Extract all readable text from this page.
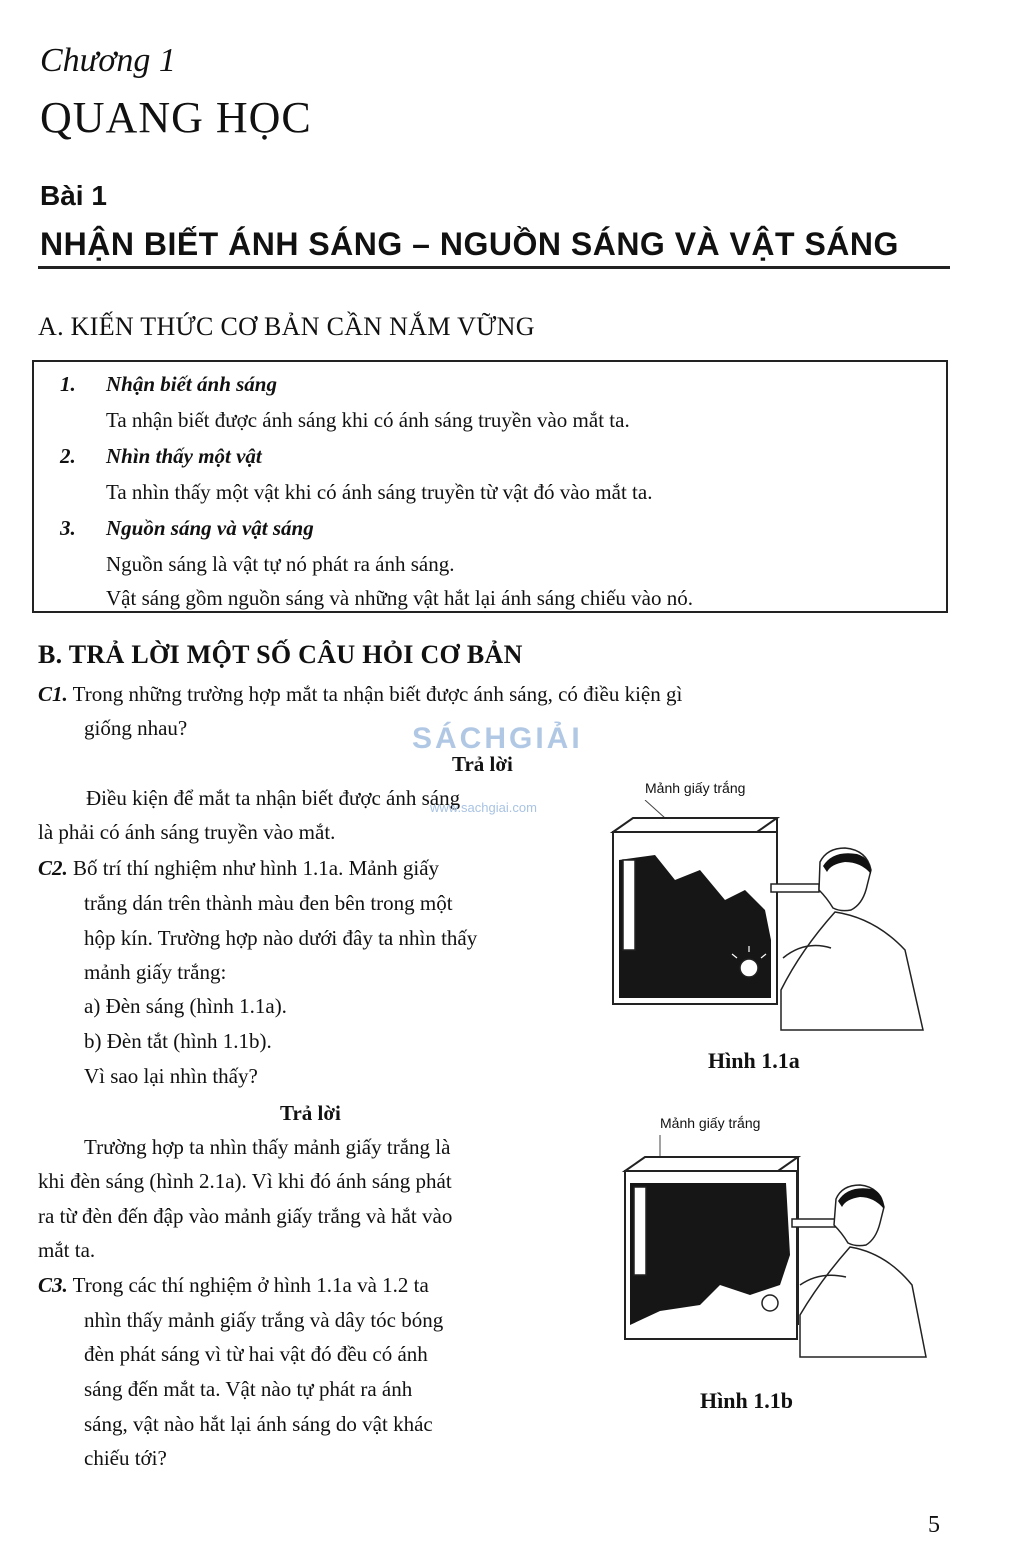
Chương 1
QUANG HỌC
Bài 1
NHẬN BIẾT ÁNH SÁNG – NGUỒN SÁNG VÀ VẬT SÁNG
A. KIẾN THỨC CƠ BẢN CẦN NẮM VỮNG
1. Nhận biết ánh sáng
Ta nhận biết được ánh sáng khi có ánh sáng truyền vào mắt ta.
2. Nhìn thấy một vật
Ta nhìn thấy một vật khi có ánh sáng truyền từ vật đó vào mắt ta.
3. Nguồn sáng và vật sáng
Nguồn sáng là vật tự nó phát ra ánh sáng.
Vật sáng gồm nguồn sáng và những vật hắt lại ánh sáng chiếu vào nó.
B. TRẢ LỜI MỘT SỐ CÂU HỎI CƠ BẢN
C1. Trong những trường hợp mắt ta nhận biết được ánh sáng, có điều kiện gì
giống nhau?
Trả lời
Điều kiện để mắt ta nhận biết được ánh sáng
là phải có ánh sáng truyền vào mắt.
C2. Bố trí thí nghiệm như hình 1.1a. Mảnh giấy
trắng dán trên thành màu đen bên trong một
hộp kín. Trường hợp nào dưới đây ta nhìn thấy
mảnh giấy trắng:
a) Đèn sáng (hình 1.1a).
b) Đèn tắt (hình 1.1b).
Vì sao lại nhìn thấy?
Trả lời
Trường hợp ta nhìn thấy mảnh giấy trắng là
khi đèn sáng (hình 2.1a). Vì khi đó ánh sáng phát
ra từ đèn đến đập vào mảnh giấy trắng và hắt vào
mắt ta.
C3. Trong các thí nghiệm ở hình 1.1a và 1.2 ta
nhìn thấy mảnh giấy trắng và dây tóc bóng
đèn phát sáng vì từ hai vật đó đều có ánh
sáng đến mắt ta. Vật nào tự phát ra ánh
sáng, vật nào hắt lại ánh sáng do vật khác
chiếu tới?
SÁCHGIẢI
www.sachgiai.com
Mảnh giấy trắng
Hình 1.1a
Mảnh giấy trắng
Hình 1.1b
5
